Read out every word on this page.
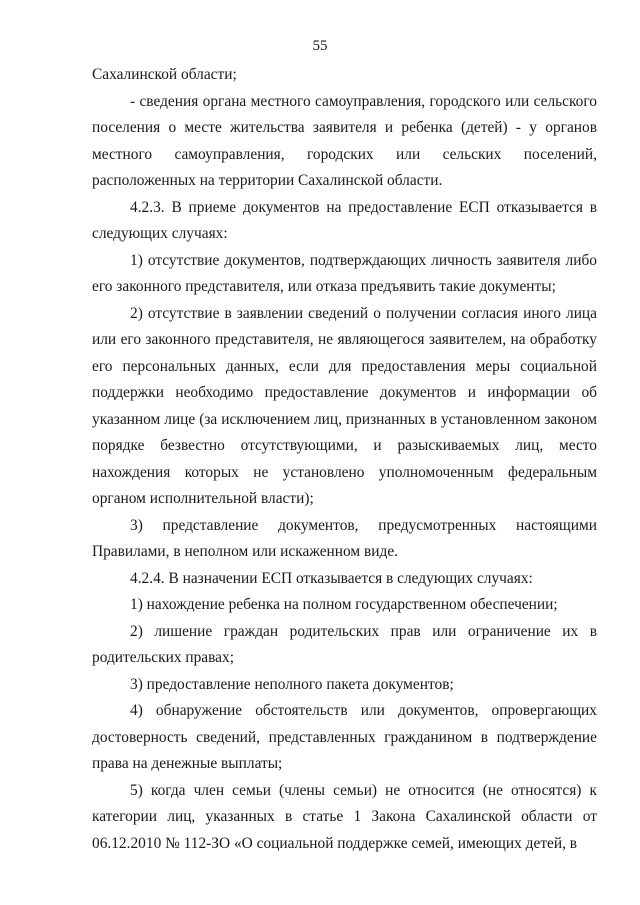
55

Сахалинской области;

- сведения органа местного самоуправления, городского или сельского поселения о месте жительства заявителя и ребенка (детей) - у органов местного самоуправления, городских или сельских поселений, расположенных на территории Сахалинской области.

4.2.3. В приеме документов на предоставление ЕСП отказывается в следующих случаях:

1) отсутствие документов, подтверждающих личность заявителя либо его законного представителя, или отказа предъявить такие документы;

2) отсутствие в заявлении сведений о получении согласия иного лица или его законного представителя, не являющегося заявителем, на обработку его персональных данных, если для предоставления меры социальной поддержки необходимо предоставление документов и информации об указанном лице (за исключением лиц, признанных в установленном законом порядке безвестно отсутствующими, и разыскиваемых лиц, место нахождения которых не установлено уполномоченным федеральным органом исполнительной власти);

3) представление документов, предусмотренных настоящими Правилами, в неполном или искаженном виде.

4.2.4. В назначении ЕСП отказывается в следующих случаях:

1) нахождение ребенка на полном государственном обеспечении;

2) лишение граждан родительских прав или ограничение их в родительских правах;

3) предоставление неполного пакета документов;

4) обнаружение обстоятельств или документов, опровергающих достоверность сведений, представленных гражданином в подтверждение права на денежные выплаты;

5) когда член семьи (члены семьи) не относится (не относятся) к категории лиц, указанных в статье 1 Закона Сахалинской области от 06.12.2010 № 112-ЗО «О социальной поддержке семей, имеющих детей, в
